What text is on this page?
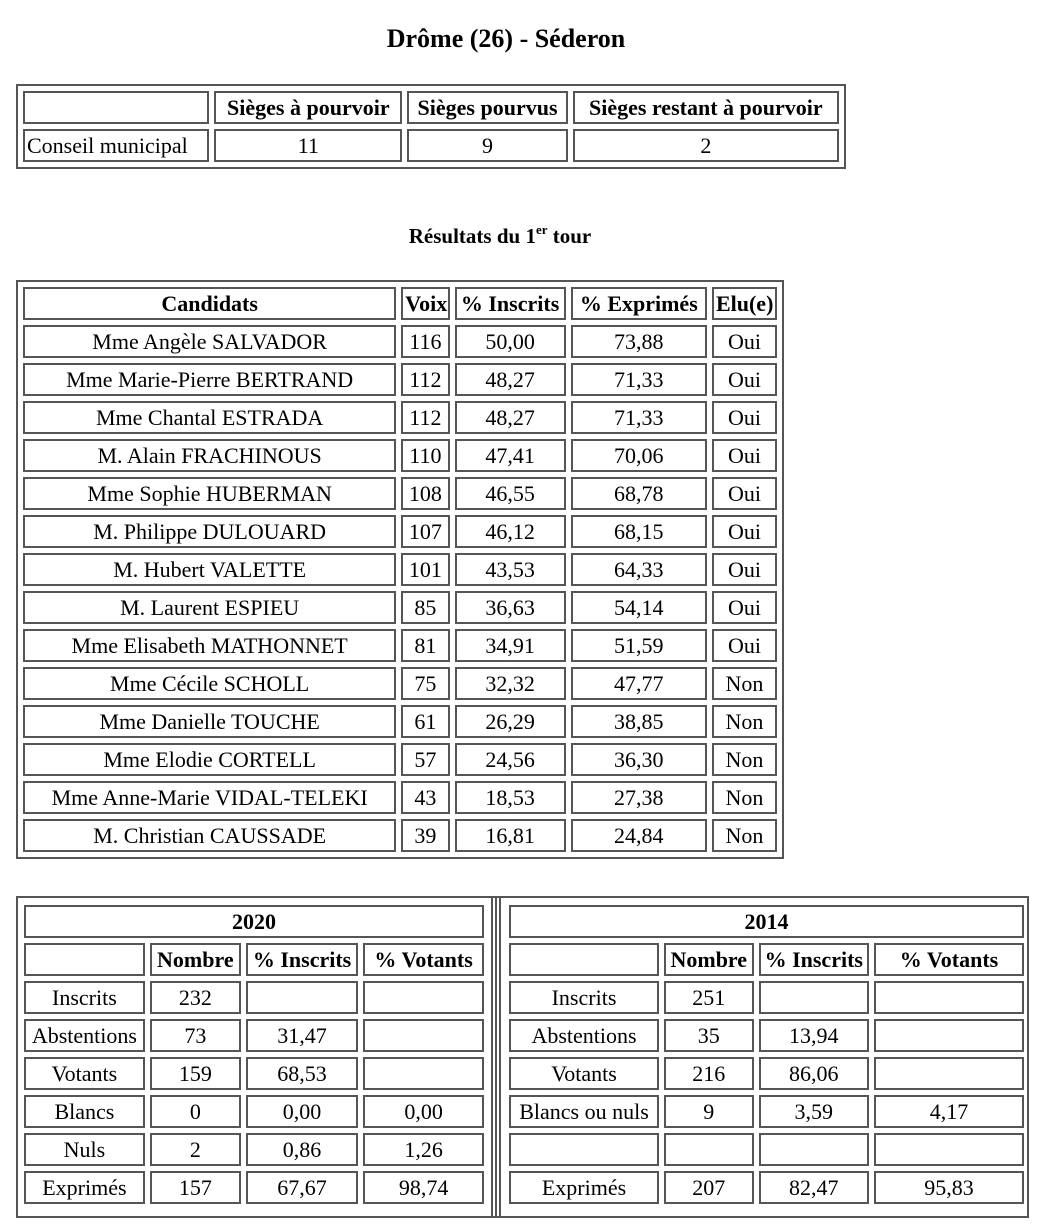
Drôme (26) - Séderon
	Sièges à pourvoir	Sièges pourvus	Sièges restant à pourvoir
Conseil municipal	11	9	2
Résultats du 1er tour
Candidats	Voix	% Inscrits	% Exprimés	Elu(e)
Mme Angèle SALVADOR	116	50,00	73,88	Oui
Mme Marie-Pierre BERTRAND	112	48,27	71,33	Oui
Mme Chantal ESTRADA	112	48,27	71,33	Oui
M. Alain FRACHINOUS	110	47,41	70,06	Oui
Mme Sophie HUBERMAN	108	46,55	68,78	Oui
M. Philippe DULOUARD	107	46,12	68,15	Oui
M. Hubert VALETTE	101	43,53	64,33	Oui
M. Laurent ESPIEU	85	36,63	54,14	Oui
Mme Elisabeth MATHONNET	81	34,91	51,59	Oui
Mme Cécile SCHOLL	75	32,32	47,77	Non
Mme Danielle TOUCHE	61	26,29	38,85	Non
Mme Elodie CORTELL	57	24,56	36,30	Non
Mme Anne-Marie VIDAL-TELEKI	43	18,53	27,38	Non
M. Christian CAUSSADE	39	16,81	24,84	Non
2020			
	Nombre	% Inscrits	% Votants
Inscrits	232		
Abstentions	73	31,47	
Votants	159	68,53	
Blancs	0	0,00	0,00
Nuls	2	0,86	1,26
Exprimés	157	67,67	98,74
2014			
	Nombre	% Inscrits	% Votants
Inscrits	251		
Abstentions	35	13,94	
Votants	216	86,06	
Blancs ou nuls	9	3,59	4,17

Exprimés	207	82,47	95,83
